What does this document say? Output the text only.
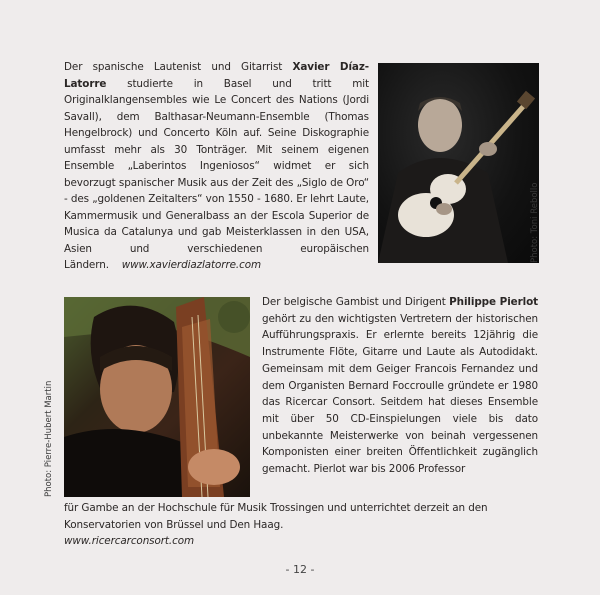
Der spanische Lautenist und Gitarrist Xavier Díaz-Latorre studierte in Basel und tritt mit Originalklangensembles wie Le Concert des Nations (Jordi Savall), dem Balthasar-Neumann-Ensemble (Thomas Hengelbrock) und Concerto Köln auf. Seine Diskographie umfasst mehr als 30 Tonträger. Mit seinem eigenen Ensemble „Laberintos Ingeniosos“ widmet er sich bevorzugt spanischer Musik aus der Zeit des „Siglo de Oro“ - des „goldenen Zeitalters“ von 1550 - 1680. Er lehrt Laute, Kammermusik und Generalbass an der Escola Superior de Musica da Catalunya und gab Meisterklassen in den USA, Asien und verschiedenen europäischen Ländern. www.xavierdiazlatorre.com

Photo: Toni Rebollo
Photo: Pierre-Hubert Martin

Der belgische Gambist und Dirigent Philippe Pierlot gehört zu den wichtigsten Vertretern der historischen Aufführungspraxis. Er erlernte bereits 12jährig die Instrumente Flöte, Gitarre und Laute als Autodidakt. Gemeinsam mit dem Geiger Francois Fernandez und dem Organisten Bernard Foccroulle gründete er 1980 das Ricercar Consort. Seitdem hat dieses Ensemble mit über 50 CD-Einspielungen viele bis dato unbekannte Meisterwerke von beinah vergessenen Komponisten einer breiten Öffentlichkeit zugänglich gemacht. Pierlot war bis 2006 Professor

für Gambe an der Hochschule für Musik Trossingen und unterrichtet derzeit an den Konservatorien von Brüssel und Den Haag.
www.ricercarconsort.com

- 12 -
